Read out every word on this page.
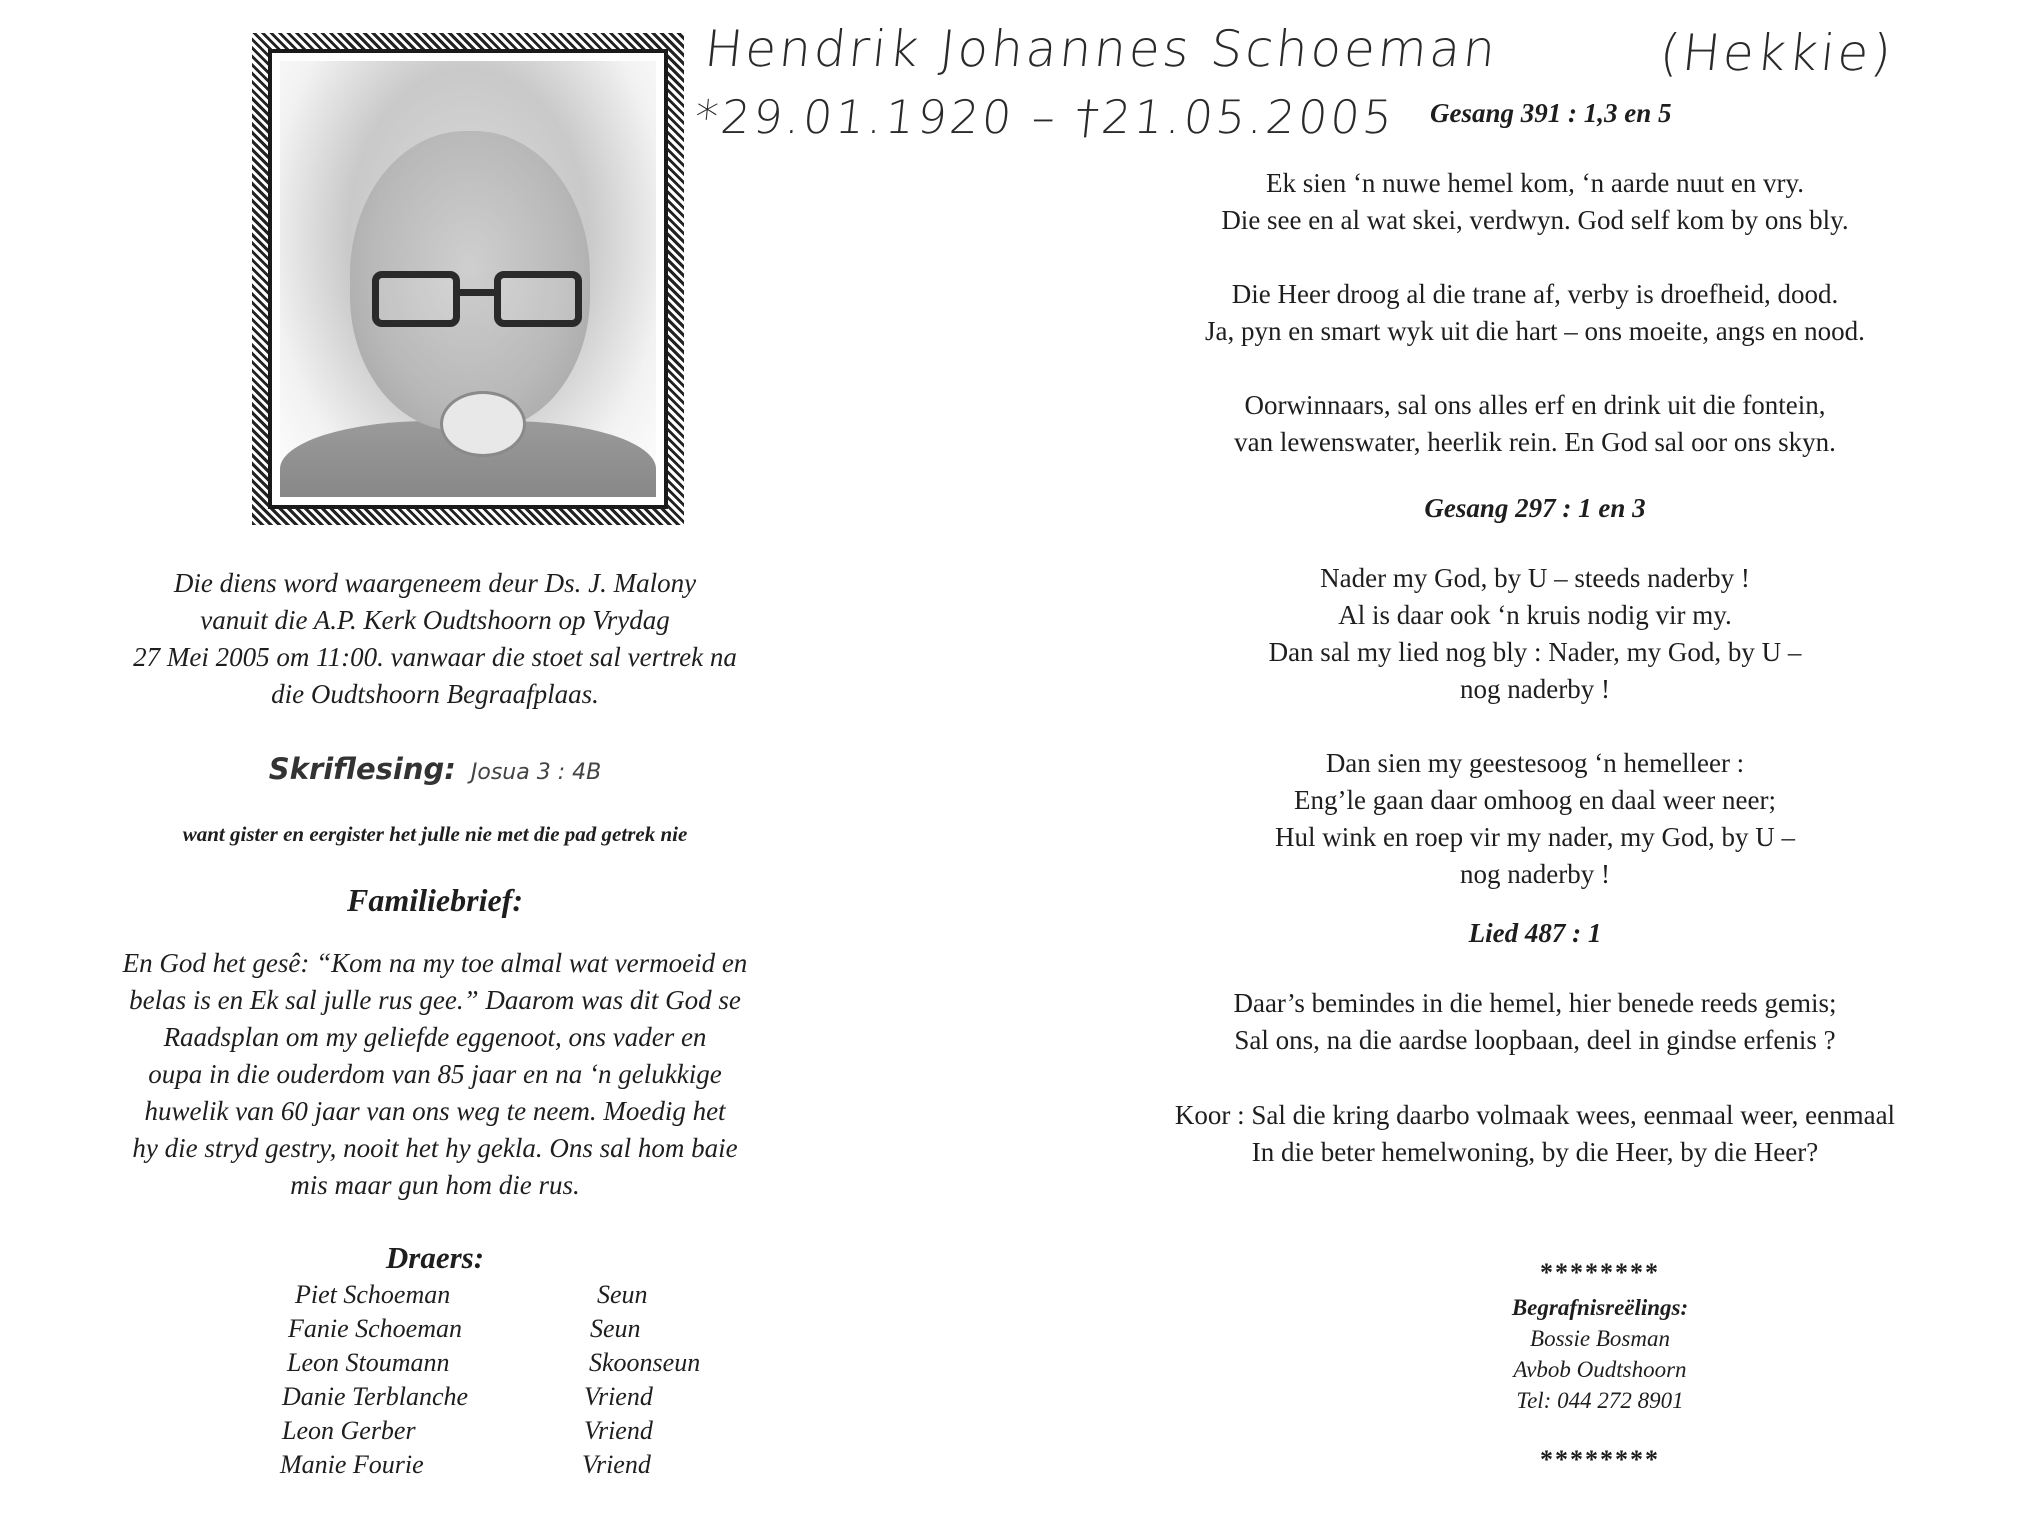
Hendrik Johannes Schoeman	(Hekkie)
*29.01.1920 – †21.05.2005
Die diens word waargeneem deur Ds. J. Malony
vanuit die A.P. Kerk Oudtshoorn op Vrydag
27 Mei 2005 om 11:00. vanwaar die stoet sal vertrek na
die Oudtshoorn Begraafplaas.
Skriflesing: Josua 3 : 4B
want gister en eergister het julle nie met die pad getrek nie
Familiebrief:
En God het gesê: “Kom na my toe almal wat vermoeid en
belas is en Ek sal julle rus gee.” Daarom was dit God se
Raadsplan om my geliefde eggenoot, ons vader en
oupa in die ouderdom van 85 jaar en na ‘n gelukkige
huwelik van 60 jaar van ons weg te neem. Moedig het
hy die stryd gestry, nooit het hy gekla. Ons sal hom baie
mis maar gun hom die rus.
Draers:
Piet Schoeman	Seun
Fanie Schoeman	Seun
Leon Stoumann	Skoonseun
Danie Terblanche	Vriend
Leon Gerber	Vriend
Manie Fourie	Vriend
Gesang 391 : 1,3 en 5
Ek sien ‘n nuwe hemel kom, ‘n aarde nuut en vry.
Die see en al wat skei, verdwyn. God self kom by ons bly.
Die Heer droog al die trane af, verby is droefheid, dood.
Ja, pyn en smart wyk uit die hart – ons moeite, angs en nood.
Oorwinnaars, sal ons alles erf en drink uit die fontein,
van lewenswater, heerlik rein. En God sal oor ons skyn.
Gesang 297 : 1 en 3
Nader my God, by U – steeds naderby !
Al is daar ook ‘n kruis nodig vir my.
Dan sal my lied nog bly : Nader, my God, by U –
nog naderby !
Dan sien my geestesoog ‘n hemelleer :
Eng’le gaan daar omhoog en daal weer neer;
Hul wink en roep vir my nader, my God, by U –
nog naderby !
Lied 487 : 1
Daar’s bemindes in die hemel, hier benede reeds gemis;
Sal ons, na die aardse loopbaan, deel in gindse erfenis ?
Koor : Sal die kring daarbo volmaak wees, eenmaal weer, eenmaal
In die beter hemelwoning, by die Heer, by die Heer?
********
Begrafnisreëlings:
Bossie Bosman
Avbob Oudtshoorn
Tel: 044 272 8901
********
